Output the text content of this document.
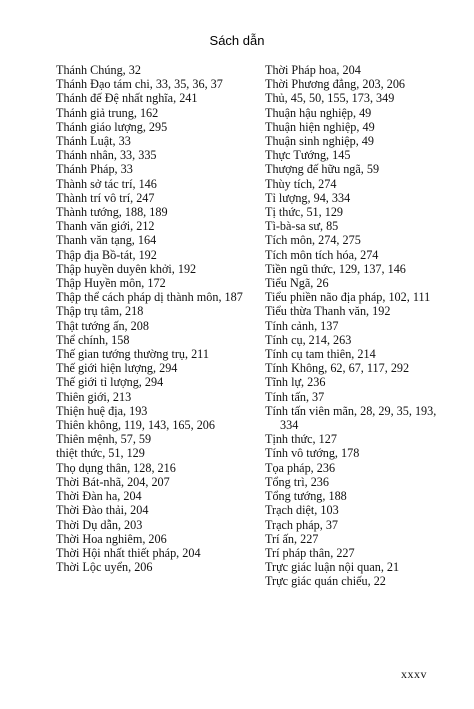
Sách dẫn
Thánh Chúng, 32
Thánh Đạo tám chi, 33, 35, 36, 37
Thánh đế Đệ nhất nghĩa, 241
Thánh giả trung, 162
Thánh giáo lượng, 295
Thánh Luật, 33
Thánh nhân, 33, 335
Thánh Pháp, 33
Thành sở tác trí, 146
Thành trí vô trí, 247
Thành tướng, 188, 189
Thanh văn giới, 212
Thanh văn tạng, 164
Thập địa Bồ-tát, 192
Thập huyền duyên khởi, 192
Thập Huyền môn, 172
Thập thể cách pháp dị thành môn, 187
Thập trụ tâm, 218
Thật tướng ấn, 208
Thể chính, 158
Thế gian tướng thường trụ, 211
Thế giới hiện lượng, 294
Thế giới tỉ lượng, 294
Thiên giới, 213
Thiện huệ địa, 193
Thiên không, 119, 143, 165, 206
Thiên mệnh, 57, 59
thiệt thức, 51, 129
Thọ dụng thân, 128, 216
Thời Bát-nhã, 204, 207
Thời Đàn ha, 204
Thời Đào thải, 204
Thời Dụ dẫn, 203
Thời Hoa nghiêm, 206
Thời Hội nhất thiết pháp, 204
Thời Lộc uyển, 206
Thời Pháp hoa, 204
Thời Phương đẳng, 203, 206
Thủ, 45, 50, 155, 173, 349
Thuận hậu nghiệp, 49
Thuận hiện nghiệp, 49
Thuận sinh nghiệp, 49
Thực Tướng, 145
Thượng đế hữu ngã, 59
Thùy tích, 274
Tỉ lượng, 94, 334
Tị thức, 51, 129
Tì-bà-sa sư, 85
Tích môn, 274, 275
Tích môn tích hóa, 274
Tiền ngũ thức, 129, 137, 146
Tiểu Ngã, 26
Tiểu phiền não địa pháp, 102, 111
Tiểu thừa Thanh văn, 192
Tính cảnh, 137
Tính cụ, 214, 263
Tính cụ tam thiên, 214
Tính Không, 62, 67, 117, 292
Tĩnh lự, 236
Tính tấn, 37
Tính tấn viên mãn, 28, 29, 35, 193, 334
Tịnh thức, 127
Tính vô tướng, 178
Tọa pháp, 236
Tổng trì, 236
Tổng tướng, 188
Trạch diệt, 103
Trạch pháp, 37
Trí ấn, 227
Trí pháp thân, 227
Trực giác luận nội quan, 21
Trực giác quán chiếu, 22
xxxv
